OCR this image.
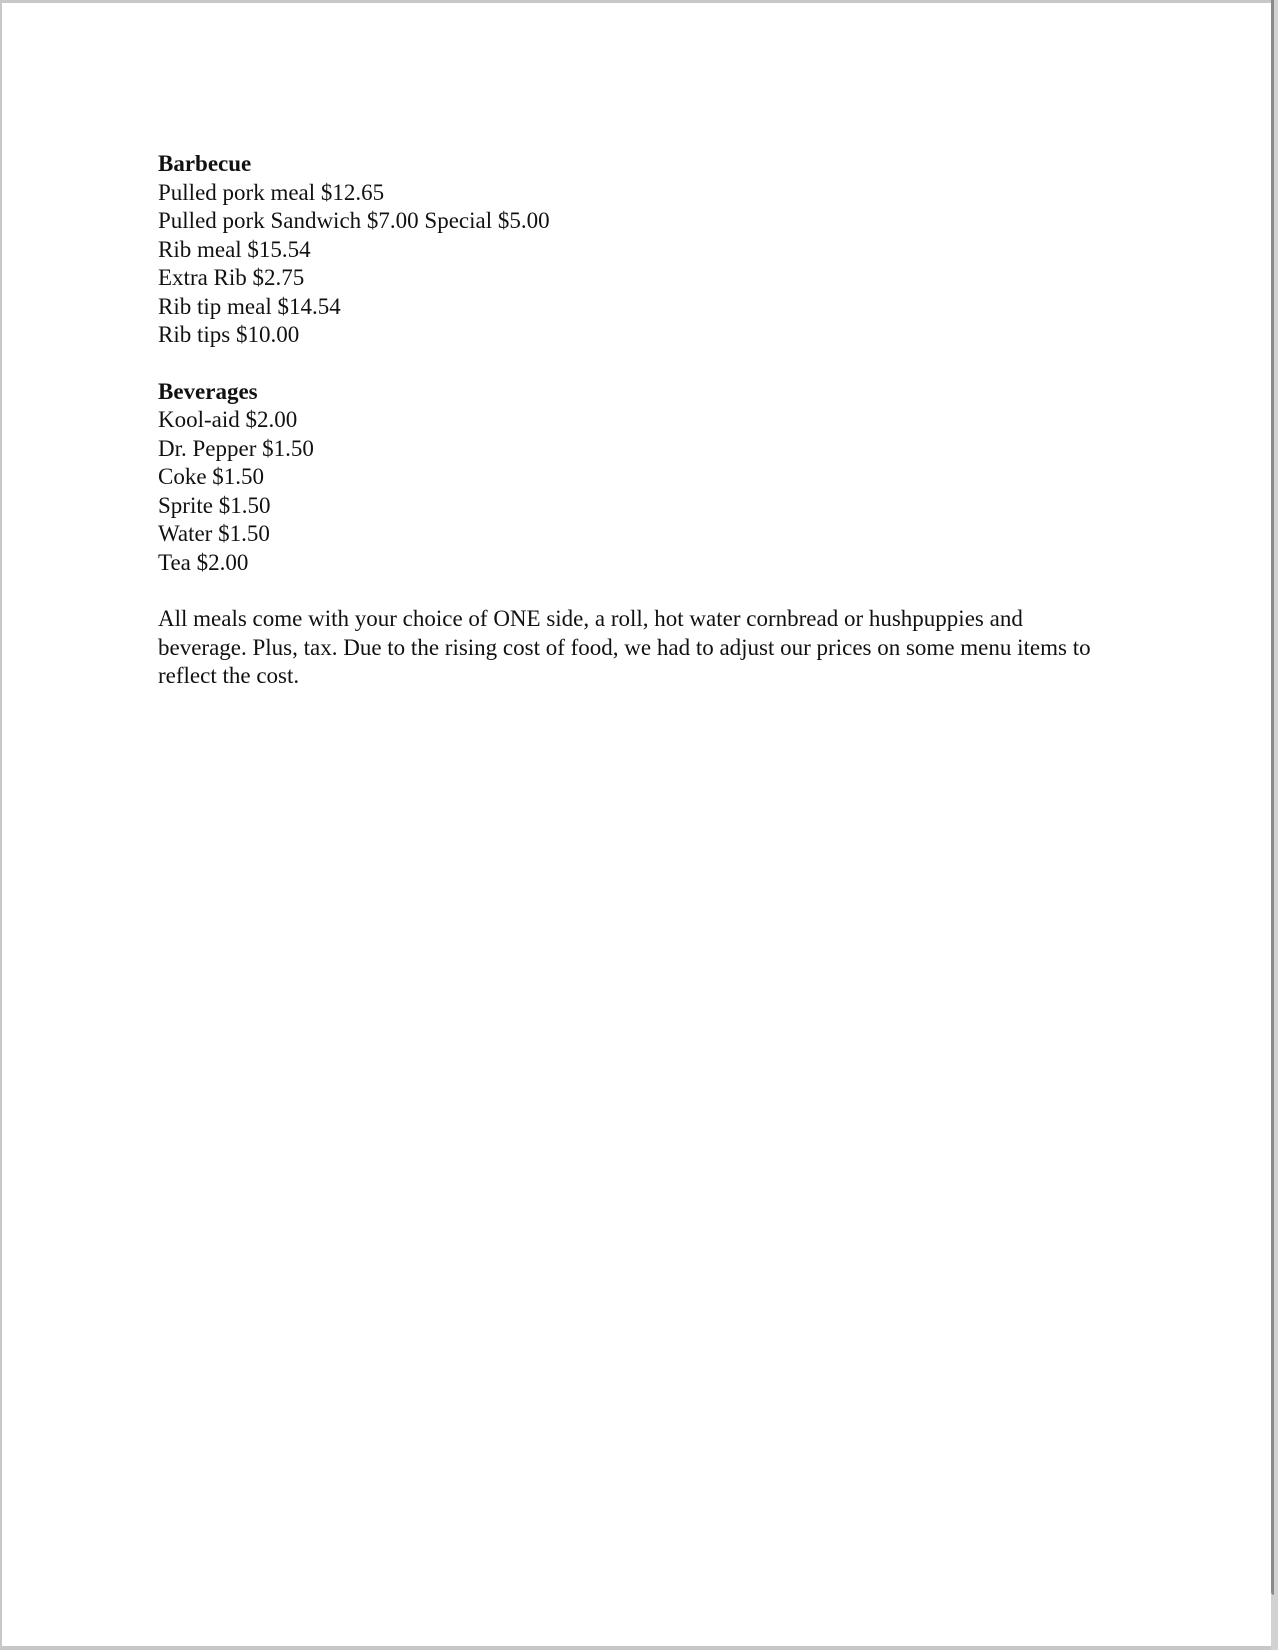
Barbecue

Pulled pork meal $12.65

Pulled pork Sandwich $7.00 Special $5.00

Rib meal $15.54

Extra Rib $2.75

Rib tip meal $14.54

Rib tips $10.00

Beverages

Kool-aid $2.00

Dr. Pepper $1.50

Coke $1.50

Sprite $1.50

Water $1.50

Tea $2.00

All meals come with your choice of ONE side, a roll, hot water cornbread or hushpuppies and beverage. Plus, tax. Due to the rising cost of food, we had to adjust our prices on some menu items to reflect the cost.
